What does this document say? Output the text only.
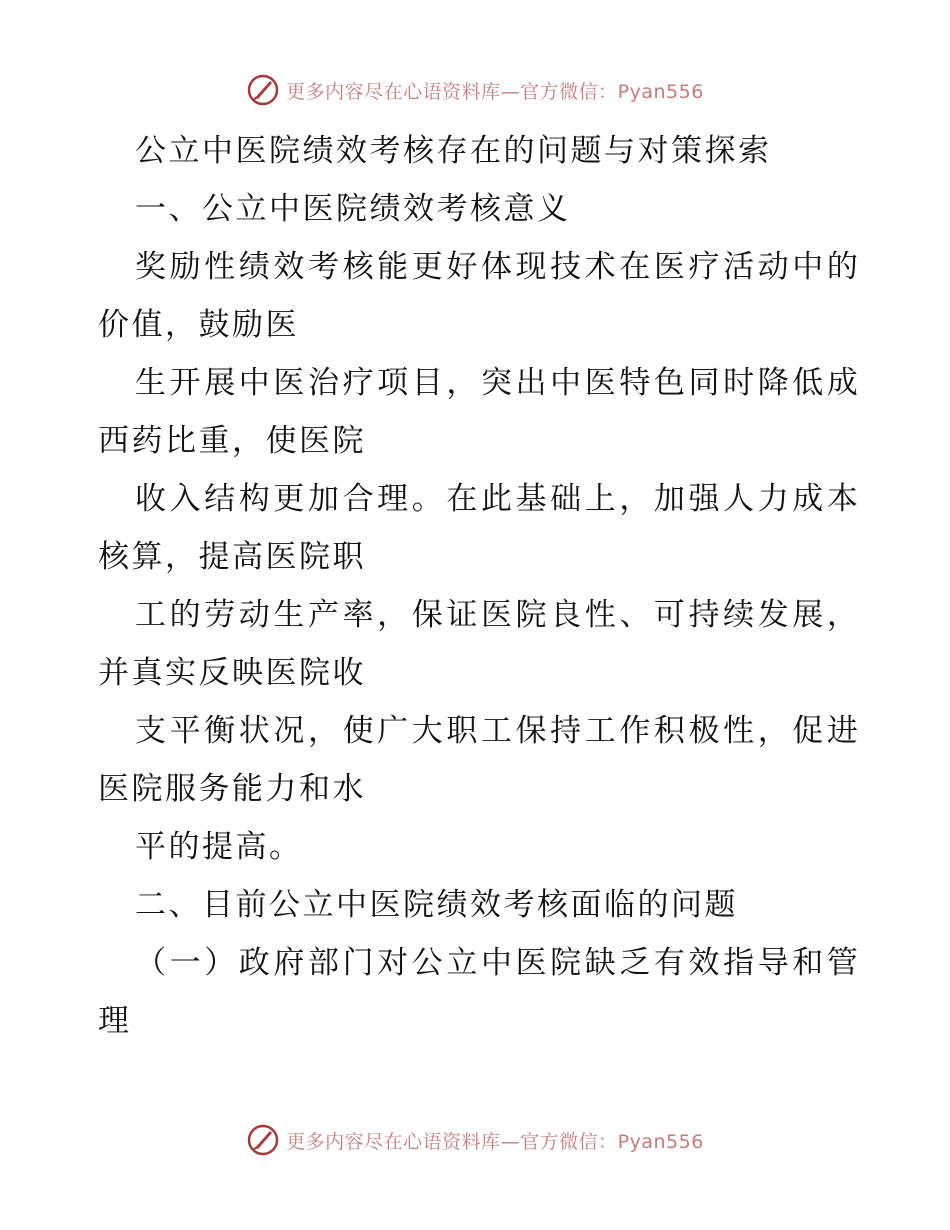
更多内容尽在心语资料库—官方微信：Pyan556
公立中医院绩效考核存在的问题与对策探索
一、公立中医院绩效考核意义
奖 励 性 绩 效 考 核 能 更 好 体 现 技 术 在 医 疗 活 动 中 的
价值，鼓励医
生 开 展 中 医 治 疗 项 目 ， 突 出 中 医 特 色 同 时 降 低 成
西药比重，使医院
收 入 结 构 更 加 合 理 。 在 此 基 础 上 ， 加 强 人 力 成 本
核算，提高医院职
工 的 劳 动 生 产 率 ， 保 证 医 院 良 性 、 可 持 续 发 展 ，
并真实反映医院收
支 平 衡 状 况 ， 使 广 大 职 工 保 持 工 作 积 极 性 ， 促 进
医院服务能力和水
平的提高。
二、目前公立中医院绩效考核面临的问题
（ 一 ） 政 府 部 门 对 公 立 中 医 院 缺 乏 有 效 指 导 和 管
理
更多内容尽在心语资料库—官方微信：Pyan556
